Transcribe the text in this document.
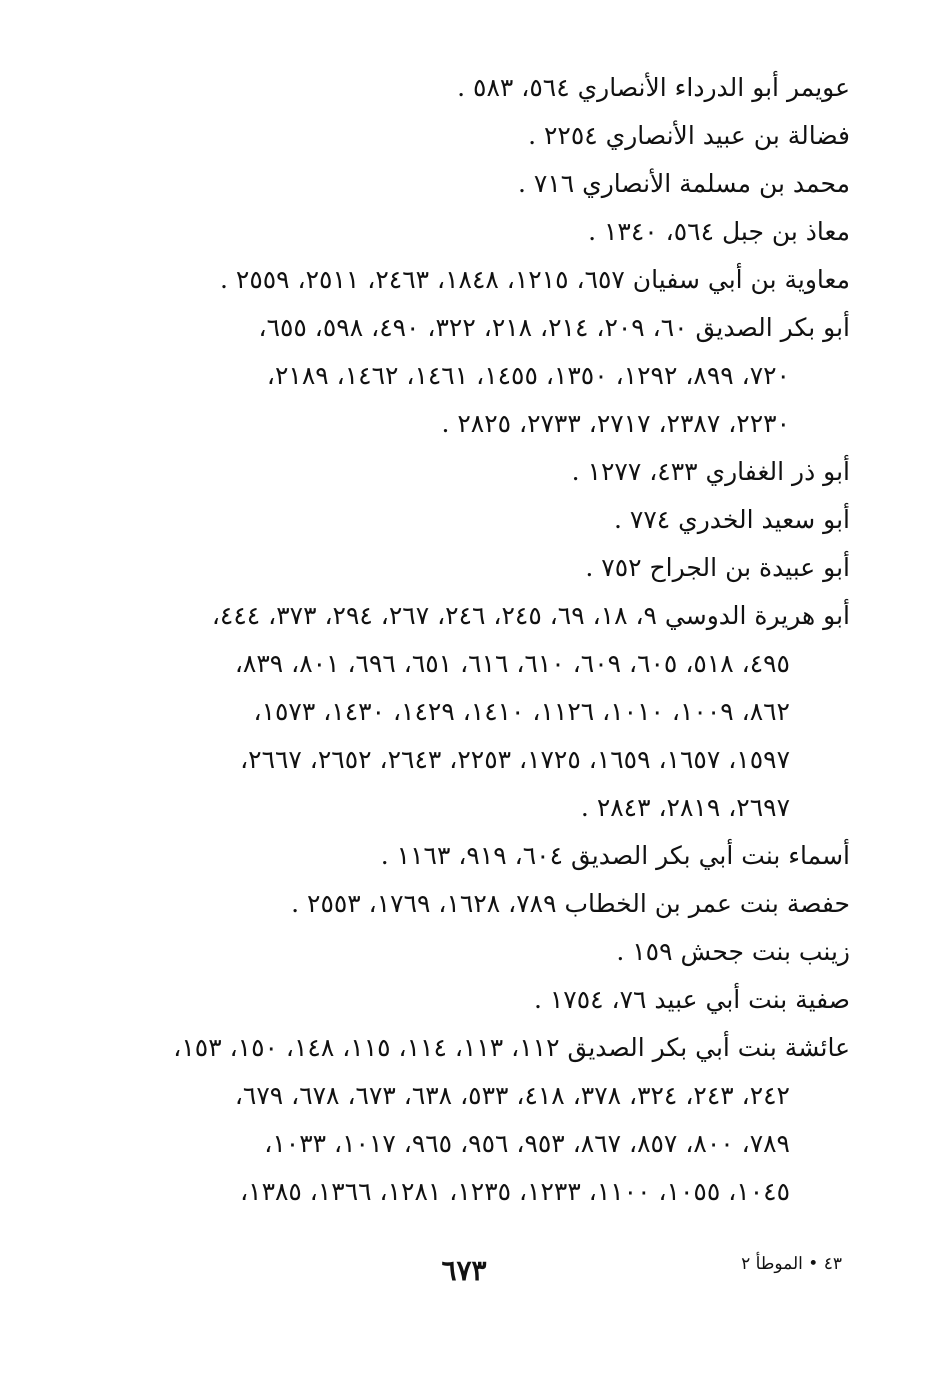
عويمر أبو الدرداء الأنصاري ٥٦٤، ٥٨٣ .
فضالة بن عبيد الأنصاري ٢٢٥٤ .
محمد بن مسلمة الأنصاري ٧١٦ .
معاذ بن جبل ٥٦٤، ١٣٤٠ .
معاوية بن أبي سفيان ٦٥٧، ١٢١٥، ١٨٤٨، ٢٤٦٣، ٢٥١١، ٢٥٥٩ .
أبو بكر الصديق ٦٠، ٢٠٩، ٢١٤، ٢١٨، ٣٢٢، ٤٩٠، ٥٩٨، ٦٥٥،
٧٢٠، ٨٩٩، ١٢٩٢، ١٣٥٠، ١٤٥٥، ١٤٦١، ١٤٦٢، ٢١٨٩،
٢٢٣٠، ٢٣٨٧، ٢٧١٧، ٢٧٣٣، ٢٨٢٥ .
أبو ذر الغفاري ٤٣٣، ١٢٧٧ .
أبو سعيد الخدري ٧٧٤ .
أبو عبيدة بن الجراح ٧٥٢ .
أبو هريرة الدوسي ٩، ١٨، ٦٩، ٢٤٥، ٢٤٦، ٢٦٧، ٢٩٤، ٣٧٣، ٤٤٤،
٤٩٥، ٥١٨، ٦٠٥، ٦٠٩، ٦١٠، ٦١٦، ٦٥١، ٦٩٦، ٨٠١، ٨٣٩،
٨٦٢، ١٠٠٩، ١٠١٠، ١١٢٦، ١٤١٠، ١٤٢٩، ١٤٣٠، ١٥٧٣،
١٥٩٧، ١٦٥٧، ١٦٥٩، ١٧٢٥، ٢٢٥٣، ٢٦٤٣، ٢٦٥٢، ٢٦٦٧،
٢٦٩٧، ٢٨١٩، ٢٨٤٣ .
أسماء بنت أبي بكر الصديق ٦٠٤، ٩١٩، ١١٦٣ .
حفصة بنت عمر بن الخطاب ٧٨٩، ١٦٢٨، ١٧٦٩، ٢٥٥٣ .
زينب بنت جحش ١٥٩ .
صفية بنت أبي عبيد ٧٦، ١٧٥٤ .
عائشة بنت أبي بكر الصديق ١١٢، ١١٣، ١١٤، ١١٥، ١٤٨، ١٥٠، ١٥٣،
٢٤٢، ٢٤٣، ٣٢٤، ٣٧٨، ٤١٨، ٥٣٣، ٦٣٨، ٦٧٣، ٦٧٨، ٦٧٩،
٧٨٩، ٨٠٠، ٨٥٧، ٨٦٧، ٩٥٣، ٩٥٦، ٩٦٥، ١٠١٧، ١٠٣٣،
١٠٤٥، ١٠٥٥، ١١٠٠، ١٢٣٣، ١٢٣٥، ١٢٨١، ١٣٦٦، ١٣٨٥،
٤٣ • الموطأ ٢
٦٧٣
